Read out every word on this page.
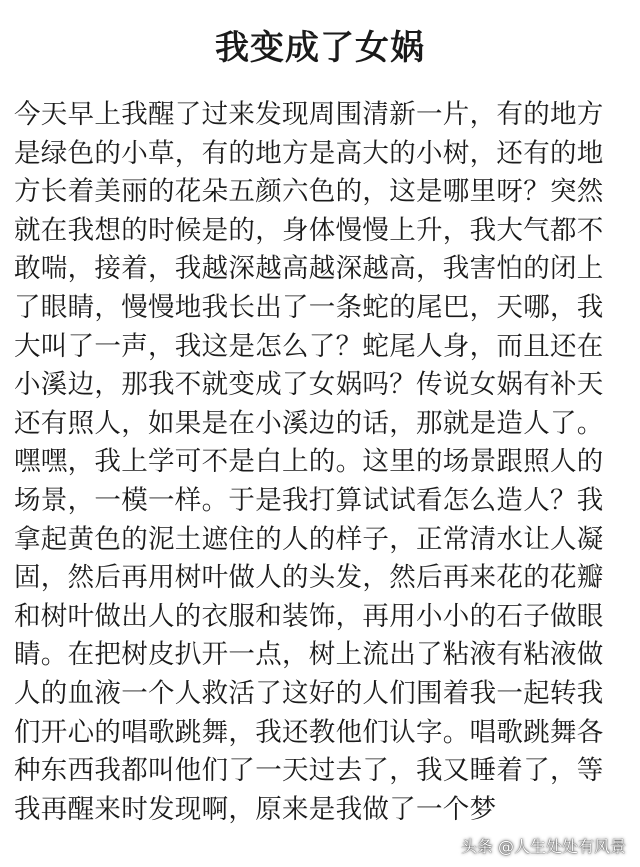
我变成了女娲
今天早上我醒了过来发现周围清新一片，有的地方
是绿色的小草，有的地方是高大的小树，还有的地
方长着美丽的花朵五颜六色的，这是哪里呀？突然
就在我想的时候是的，身体慢慢上升，我大气都不
敢喘，接着，我越深越高越深越高，我害怕的闭上
了眼睛，慢慢地我长出了一条蛇的尾巴，天哪，我
大叫了一声，我这是怎么了？蛇尾人身，而且还在
小溪边，那我不就变成了女娲吗？传说女娲有补天
还有照人，如果是在小溪边的话，那就是造人了。
嘿嘿，我上学可不是白上的。这里的场景跟照人的
场景，一模一样。于是我打算试试看怎么造人？我
拿起黄色的泥土遮住的人的样子，正常清水让人凝
固，然后再用树叶做人的头发，然后再来花的花瓣
和树叶做出人的衣服和装饰，再用小小的石子做眼
睛。在把树皮扒开一点，树上流出了粘液有粘液做
人的血液一个人救活了这好的人们围着我一起转我
们开心的唱歌跳舞，我还教他们认字。唱歌跳舞各
种东西我都叫他们了一天过去了，我又睡着了，等
我再醒来时发现啊，原来是我做了一个梦
头条 @人生处处有风景
